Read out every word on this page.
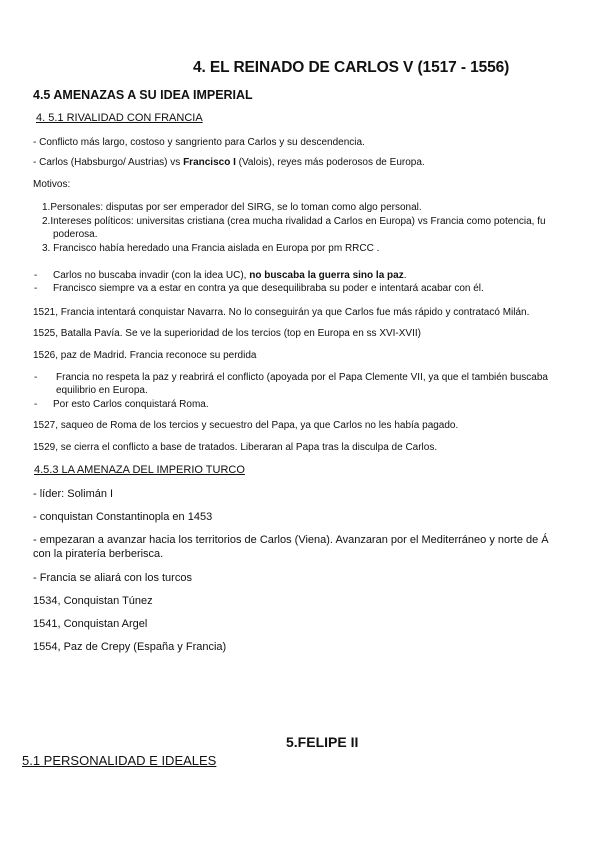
4. EL REINADO DE CARLOS V (1517 - 1556)
4.5 AMENAZAS A SU IDEA IMPERIAL
4. 5.1 RIVALIDAD CON FRANCIA
- Conflicto más largo, costoso y sangriento para Carlos y su descendencia.
- Carlos (Habsburgo/ Austrias) vs Francisco I (Valois), reyes más poderosos de Europa.
Motivos:
1.Personales: disputas por ser emperador del SIRG, se lo toman como algo personal.
2.Intereses políticos: universitas cristiana (crea mucha rivalidad a Carlos en Europa) vs Francia como potencia, fu
poderosa.
3. Francisco había heredado una Francia aislada en Europa por pm RRCC .
- Carlos no buscaba invadir (con la idea UC), no buscaba la guerra sino la paz.
- Francisco siempre va a estar en contra ya que desequilibraba su poder e intentará acabar con él.
1521, Francia intentará conquistar Navarra. No lo conseguirán ya que Carlos fue más rápido y contratacó Milán.
1525, Batalla Pavía. Se ve la superioridad de los tercios (top en Europa en ss XVI-XVII)
1526, paz de Madrid. Francia reconoce su perdida
- Francia no respeta la paz y reabrirá el conflicto (apoyada por el Papa Clemente VII, ya que el también buscaba
equilibrio en Europa.
- Por esto Carlos conquistará Roma.
1527, saqueo de Roma de los tercios y secuestro del Papa, ya que Carlos no les había pagado.
1529, se cierra el conflicto a base de tratados. Liberaran al Papa tras la disculpa de Carlos.
4.5.3 LA AMENAZA DEL IMPERIO TURCO
- líder: Solimán I
- conquistan Constantinopla en 1453
- empezaran a avanzar hacia los territorios de Carlos (Viena). Avanzaran por el Mediterráneo y norte de Á
con la piratería berberisca.
- Francia se aliará con los turcos
1534, Conquistan Túnez
1541, Conquistan Argel
1554, Paz de Crepy (España y Francia)
5.FELIPE II
5.1 PERSONALIDAD E IDEALES
